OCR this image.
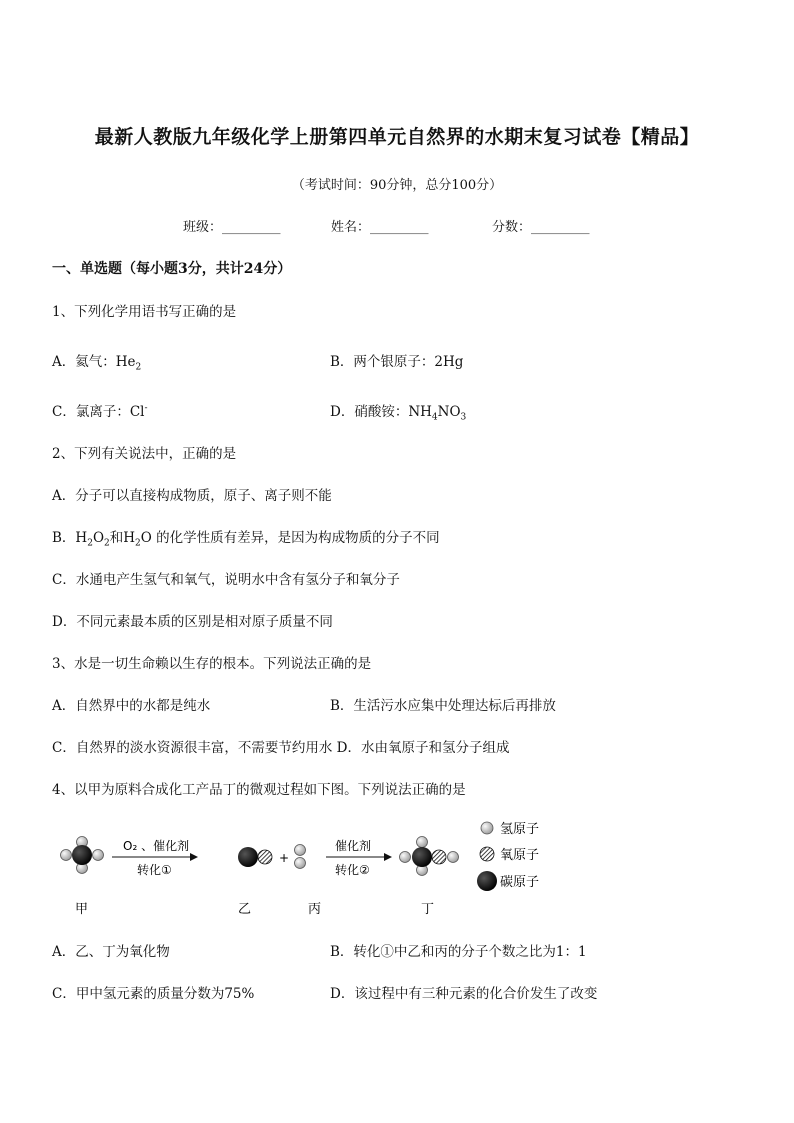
最新人教版九年级化学上册第四单元自然界的水期末复习试卷【精品】
（考试时间：90分钟，总分100分）
班级：_________	姓名：_________	分数：_________
一、单选题（每小题3分，共计24分）
1、下列化学用语书写正确的是
A．氦气：$He_2$	B．两个银原子：2Hg
C．氯离子：Cl-	D．硝酸铵：$NH_4NO_3$
2、下列有关说法中，正确的是
A．分子可以直接构成物质，原子、离子则不能
B．$H_2O_2$和$H_2O$ 的化学性质有差异，是因为构成物质的分子不同
C．水通电产生氢气和氧气，说明水中含有氢分子和氧分子
D．不同元素最本质的区别是相对原子质量不同
3、水是一切生命赖以生存的根本。下列说法正确的是
A．自然界中的水都是纯水	B．生活污水应集中处理达标后再排放
C．自然界的淡水资源很丰富，不需要节约用水 D．水由氧原子和氢分子组成
4、以甲为原料合成化工产品丁的微观过程如下图。下列说法正确的是
O₂ 、催化剂
转化①
+
催化剂
转化②
氢原子
氧原子
碳原子
甲	乙	丙	丁
A．乙、丁为氧化物	B．转化①中乙和丙的分子个数之比为1：1
C．甲中氢元素的质量分数为75%	D．该过程中有三种元素的化合价发生了改变
